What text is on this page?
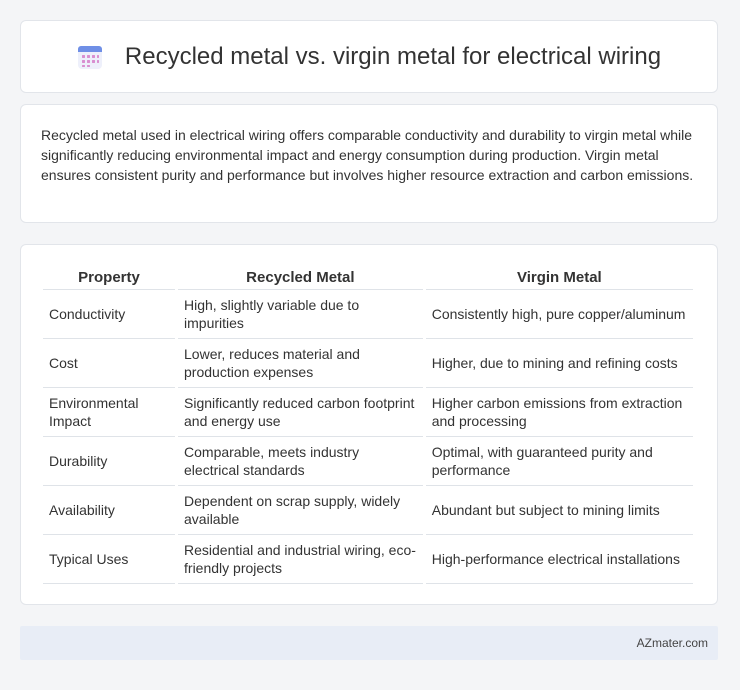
Recycled metal vs. virgin metal for electrical wiring

Recycled metal used in electrical wiring offers comparable conductivity and durability to virgin metal while significantly reducing environmental impact and energy consumption during production. Virgin metal ensures consistent purity and performance but involves higher resource extraction and carbon emissions.

Property	Recycled Metal	Virgin Metal
Conductivity	High, slightly variable due to impurities	Consistently high, pure copper/aluminum
Cost	Lower, reduces material and production expenses	Higher, due to mining and refining costs
Environmental Impact	Significantly reduced carbon footprint and energy use	Higher carbon emissions from extraction and processing
Durability	Comparable, meets industry electrical standards	Optimal, with guaranteed purity and performance
Availability	Dependent on scrap supply, widely available	Abundant but subject to mining limits
Typical Uses	Residential and industrial wiring, eco-friendly projects	High-performance electrical installations
AZmater.com
